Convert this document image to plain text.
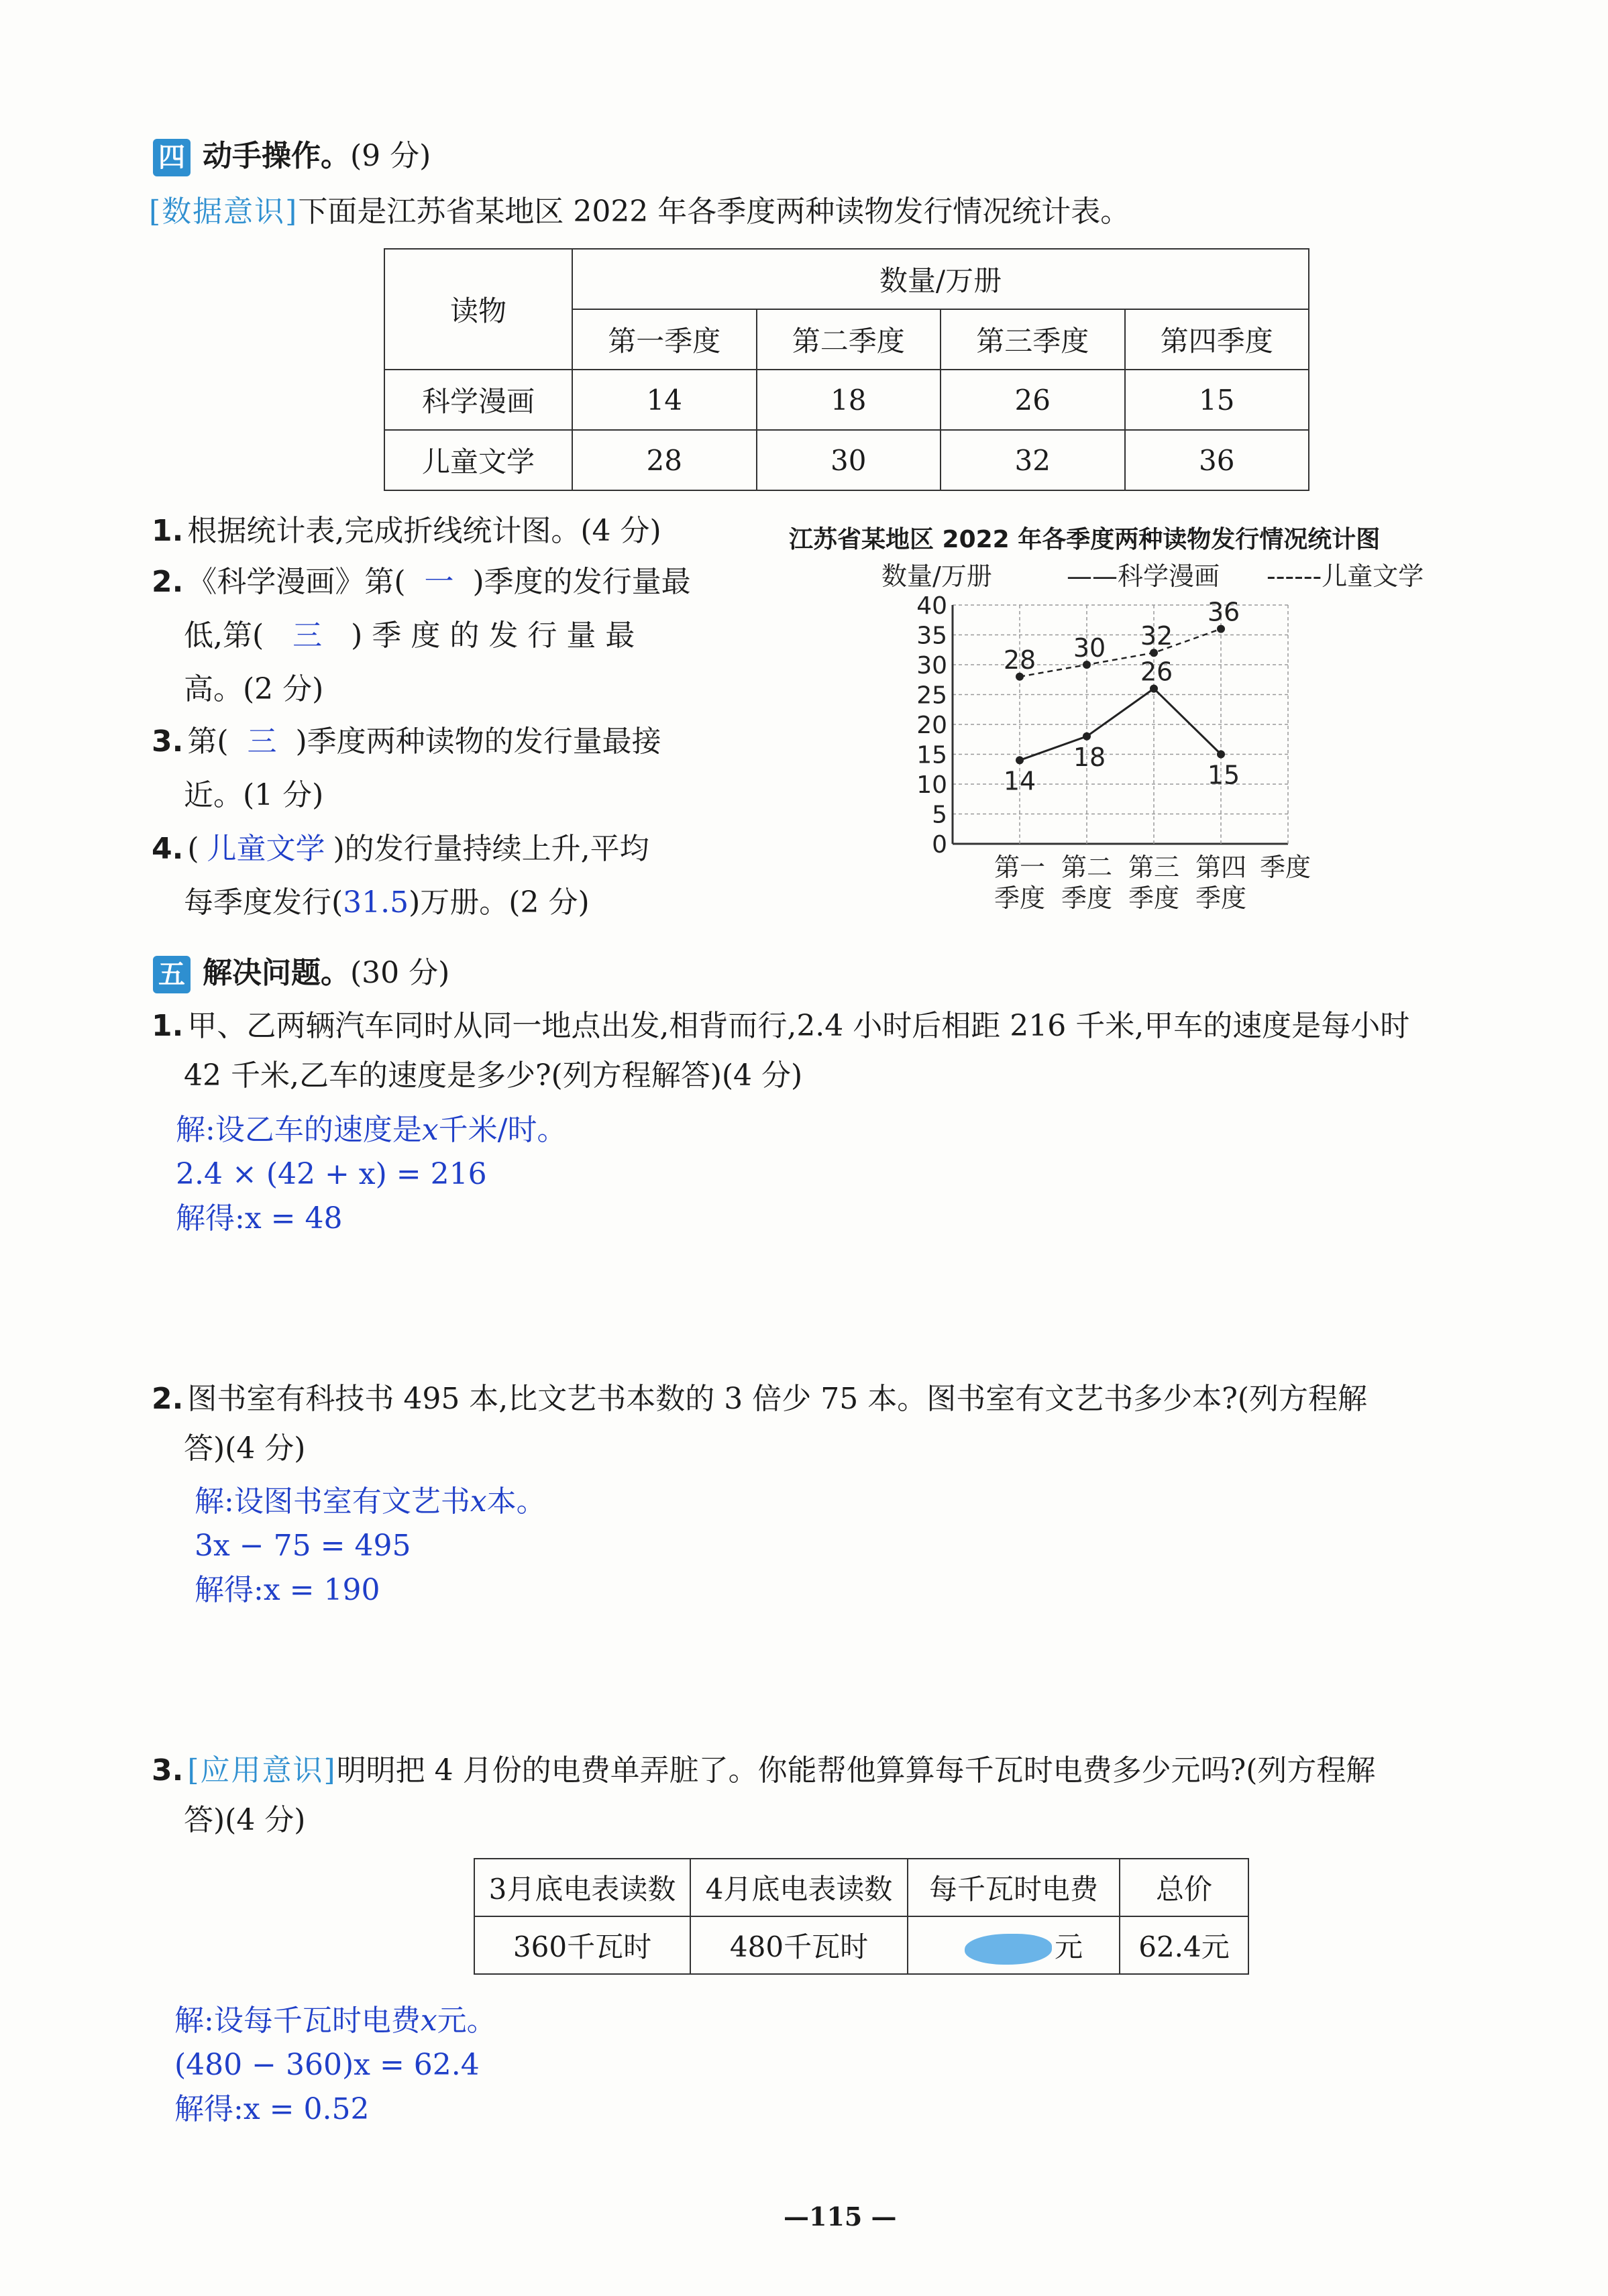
四 动手操作。(9 分)
[数据意识]下面是江苏省某地区 2022 年各季度两种读物发行情况统计表。
读物	数量/万册			
	第一季度	第二季度	第三季度	第四季度
科学漫画	14	18	26	15
儿童文学	28	30	32	36
1. 根据统计表,完成折线统计图。(4 分)
2. 《科学漫画》第( 一 )季度的发行量最
低,第( 三 )季度的发行量最
高。(2 分)
3. 第( 三 )季度两种读物的发行量最接
近。(1 分)
4. ( 儿童文学 )的发行量持续上升,平均
每季度发行(31.5)万册。(2 分)
江苏省某地区 2022 年各季度两种读物发行情况统计图
数量/万册	——科学漫画 ------儿童文学
0
5
10
15
20
25
30
35
40
第一
季度
第二
季度
第三
季度
第四
季度
季度
14
18
26
15
28 30 32
36
五 解决问题。(30 分)
1. 甲、乙两辆汽车同时从同一地点出发,相背而行,2.4 小时后相距 216 千米,甲车的速度是每小时
42 千米,乙车的速度是多少?(列方程解答)(4 分)
解:设乙车的速度是x千米/时。
2.4 × (42 + x) = 216
解得:x = 48
2. 图书室有科技书 495 本,比文艺书本数的 3 倍少 75 本。图书室有文艺书多少本?(列方程解
答)(4 分)
解:设图书室有文艺书x本。
3x − 75 = 495
解得:x = 190
3. [应用意识]明明把 4 月份的电费单弄脏了。你能帮他算算每千瓦时电费多少元吗?(列方程解
答)(4 分)
3月底电表读数	4月底电表读数	每千瓦时电费	总价
360千瓦时	480千瓦时	元	62.4元
解:设每千瓦时电费x元。
(480 − 360)x = 62.4
解得:x = 0.52
—115 —
